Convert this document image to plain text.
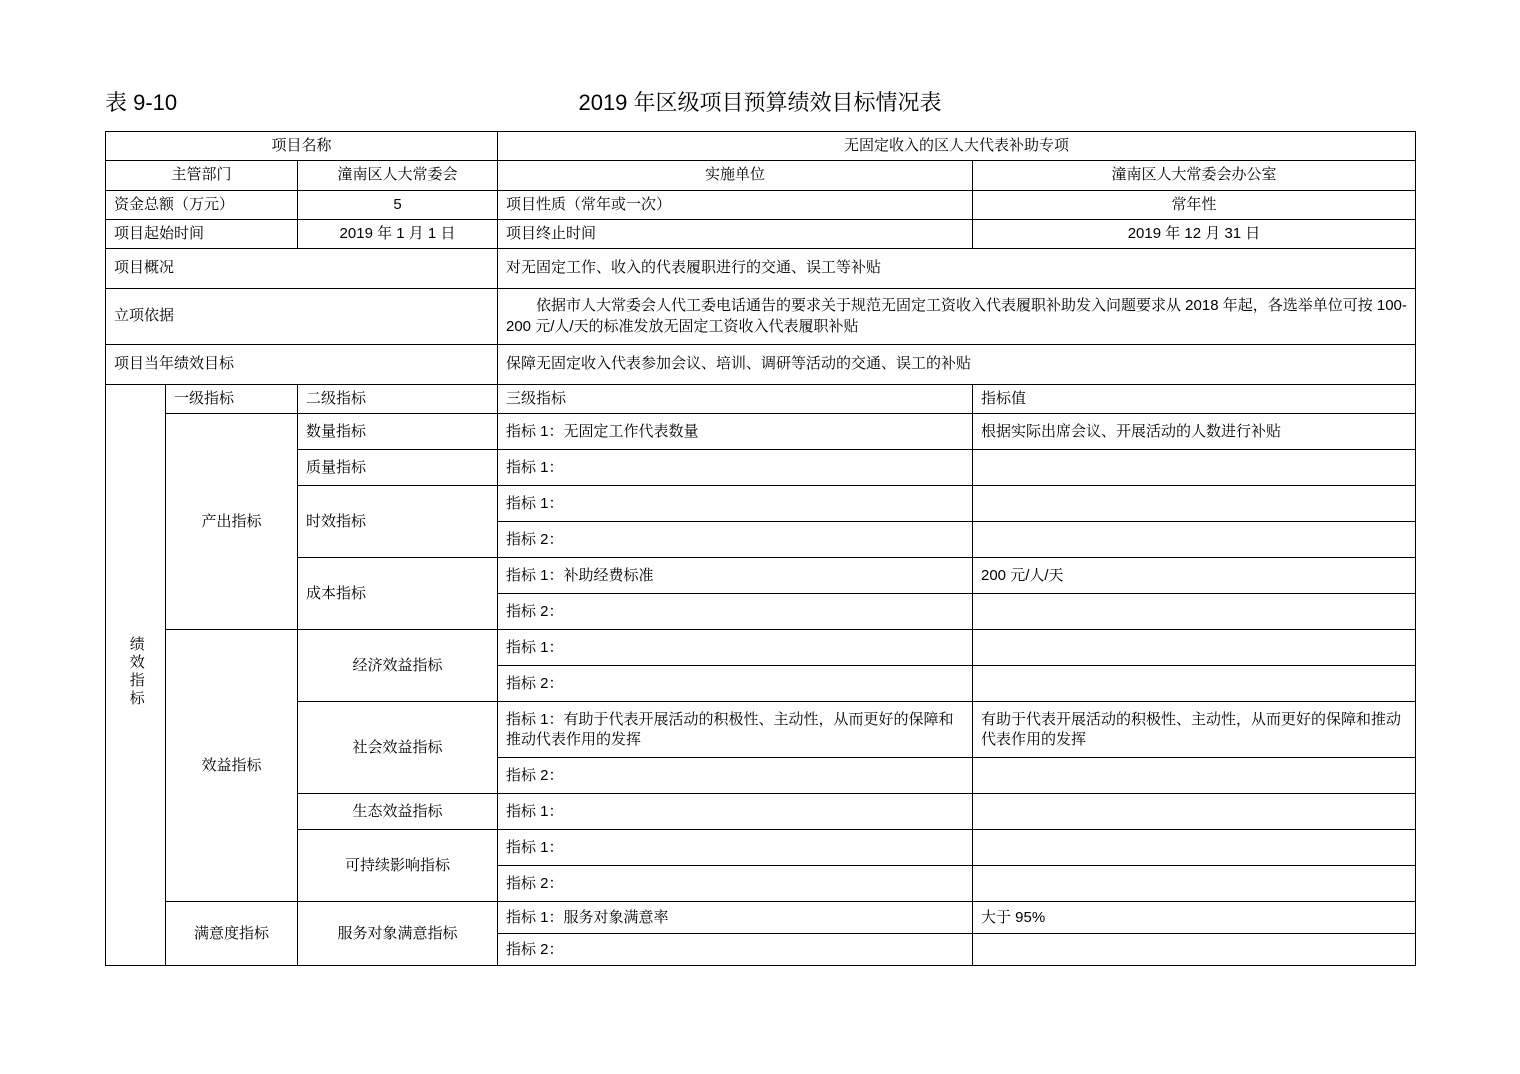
表 9-10	2019 年区级项目预算绩效目标情况表
项目名称			无固定收入的区人大代表补助专项	
主管部门		潼南区人大常委会	实施单位	潼南区人大常委会办公室
资金总额（万元）		5	项目性质（常年或一次）	常年性
项目起始时间		2019 年 1 月 1 日	项目终止时间	2019 年 12 月 31 日
项目概况			对无固定工作、收入的代表履职进行的交通、误工等补贴	
立项依据			依据市人大常委会人代工委电话通告的要求关于规范无固定工资收入代表履职补助发入问题要求从 2018 年起，各选举单位可按 100-200 元/人/天的标准发放无固定工资收入代表履职补贴	
项目当年绩效目标			保障无固定收入代表参加会议、培训、调研等活动的交通、误工的补贴	
绩效指标	一级指标	二级指标	三级指标	指标值
	产出指标	数量指标	指标 1：无固定工作代表数量	根据实际出席会议、开展活动的人数进行补贴
		质量指标	指标 1：	
		时效指标	指标 1：	
			指标 2：	
		成本指标	指标 1：补助经费标准	200 元/人/天
			指标 2：	
	效益指标	经济效益指标	指标 1：	
			指标 2：	
		社会效益指标	指标 1：有助于代表开展活动的积极性、主动性，从而更好的保障和推动代表作用的发挥	有助于代表开展活动的积极性、主动性，从而更好的保障和推动代表作用的发挥
			指标 2：	
		生态效益指标	指标 1：	
		可持续影响指标	指标 1：	
			指标 2：	
	满意度指标	服务对象满意指标	指标 1：服务对象满意率	大于 95%
			指标 2：	
